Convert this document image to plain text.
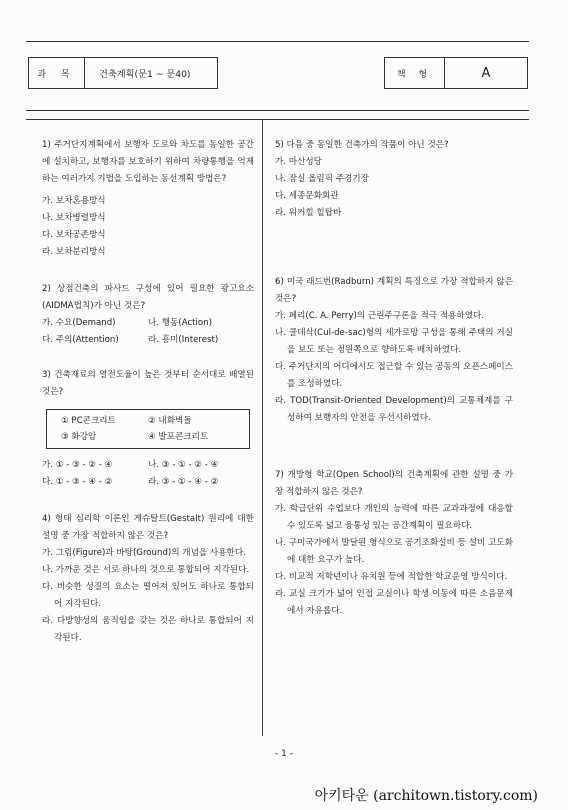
과 목	건축계획(문1 ~ 문40)	책 형	A
1) 주거단지계획에서 보행자 도로와 차도를 동일한 공간에 설치하고, 보행자를 보호하기 위하여 차량통행을 억제하는 여러가지 기법을 도입하는 동선계획 방법은?
가. 보차혼용방식
나. 보차병렬방식
다. 보차공존방식
라. 보차분리방식
2) 상점건축의 파사드 구성에 있어 필요한 광고요소(AIDMA법칙)가 아닌 것은?
가. 수요(Demand)	나. 행동(Action)
다. 주의(Attention)	라. 흥미(Interest)
3) 건축재료의 열전도율이 높은 것부터 순서대로 배열된 것은?
① PC콘크리트	② 내화벽돌
③ 화강암	④ 발포콘크리트
가. ① - ③ - ② - ④	나. ③ - ① - ② - ④
다. ① - ③ - ④ - ②	라. ③ - ① - ④ - ②
4) 형태 심리학 이론인 게슈탈트(Gestalt) 원리에 대한 설명 중 가장 적합하지 않은 것은?
가. 그림(Figure)과 바탕(Ground)의 개념을 사용한다.
나. 가까운 것은 서로 하나의 것으로 통합되어 지각된다.
다. 비슷한 성질의 요소는 떨어져 있어도 하나로 통합되어 지각된다.
라. 다방향성의 움직임을 갖는 것은 하나로 통합되어 지각된다.
5) 다음 중 동일한 건축가의 작품이 아닌 것은?
가. 마산성당
나. 잠실 올림픽 주경기장
다. 세종문화회관
라. 워커힐 힐탑바
6) 미국 래드번(Radburn) 계획의 특징으로 가장 적합하지 않은 것은?
가. 페리(C. A. Perry)의 근린주구론을 적극 적용하였다.
나. 쿨데삭(Cul-de-sac)형의 세가로망 구성을 통해 주택의 거실을 보도 또는 정원쪽으로 향하도록 배치하였다.
다. 주거단지의 어디에서도 접근할 수 있는 공동의 오픈스페이스를 조성하였다.
라. TOD(Transit-Oriented Development)의 교통체계를 구성하여 보행자의 안전을 우선시하였다.
7) 개방형 학교(Open School)의 건축계획에 관한 설명 중 가장 적합하지 않은 것은?
가. 학급단위 수업보다 개인의 능력에 따른 교과과정에 대응할 수 있도록 넓고 융통성 있는 공간계획이 필요하다.
나. 구미국가에서 발달된 형식으로 공기조화설비 등 설비 고도화에 대한 요구가 높다.
다. 비교적 저학년이나 유치원 등에 적합한 학교운영 방식이다.
라. 교실 크기가 넓어 인접 교실이나 학생 이동에 따른 소음문제에서 자유롭다.
- 1 -
아키타운 (architown.tistory.com)
